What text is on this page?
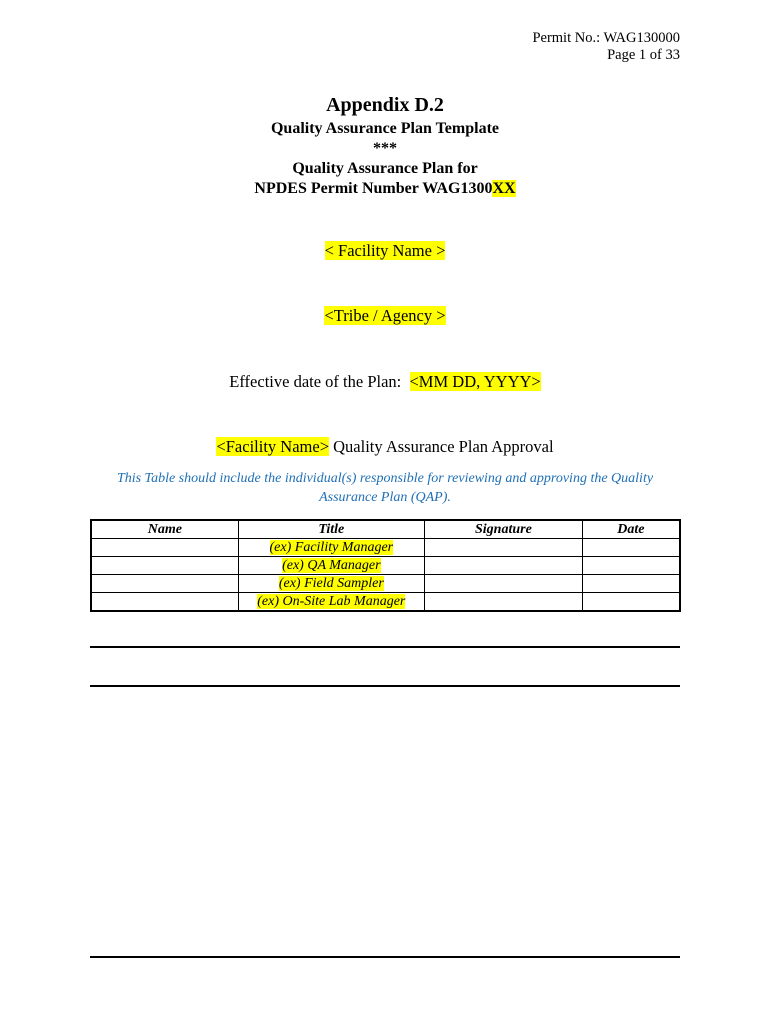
Permit No.: WAG130000
Page 1 of 33
Appendix D.2
Quality Assurance Plan Template
***
Quality Assurance Plan for
NPDES Permit Number WAG1300XX
< Facility Name >
<Tribe / Agency >
Effective date of the Plan: <MM DD, YYYY>
<Facility Name> Quality Assurance Plan Approval
This Table should include the individual(s) responsible for reviewing and approving the Quality Assurance Plan (QAP).
Name	Title	Signature	Date
	(ex) Facility Manager		
	(ex) QA Manager		
	(ex) Field Sampler		
	(ex) On-Site Lab Manager		
